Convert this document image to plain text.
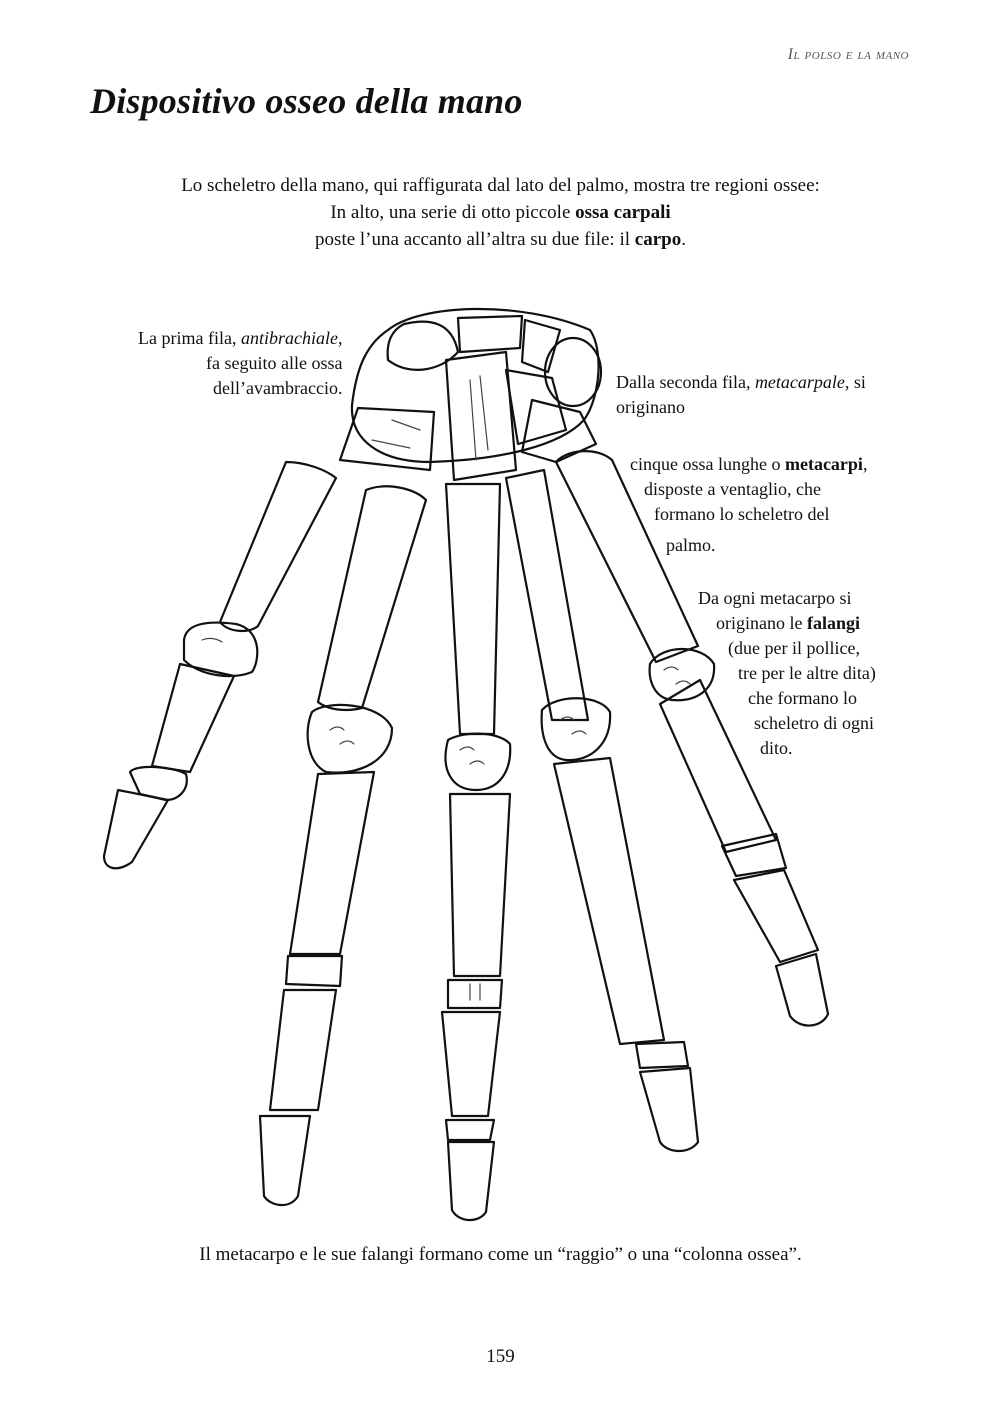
Il polso e la mano
Dispositivo osseo della mano
Lo scheletro della mano, qui raffigurata dal lato del palmo, mostra tre regioni ossee:
In alto, una serie di otto piccole ossa carpali
poste l’una accanto all’altra su due file: il carpo.
La prima fila, antibrachiale,
fa seguito alle ossa
dell’avambraccio.	Dalla seconda fila, metacarpale, si
originano
cinque ossa lunghe o metacarpi,
disposte a ventaglio, che
formano lo scheletro del
palmo.
Da ogni metacarpo si
originano le falangi
(due per il pollice,
tre per le altre dita)
che formano lo
scheletro di ogni
dito.
Il metacarpo e le sue falangi formano come un “raggio” o una “colonna ossea”.
159
